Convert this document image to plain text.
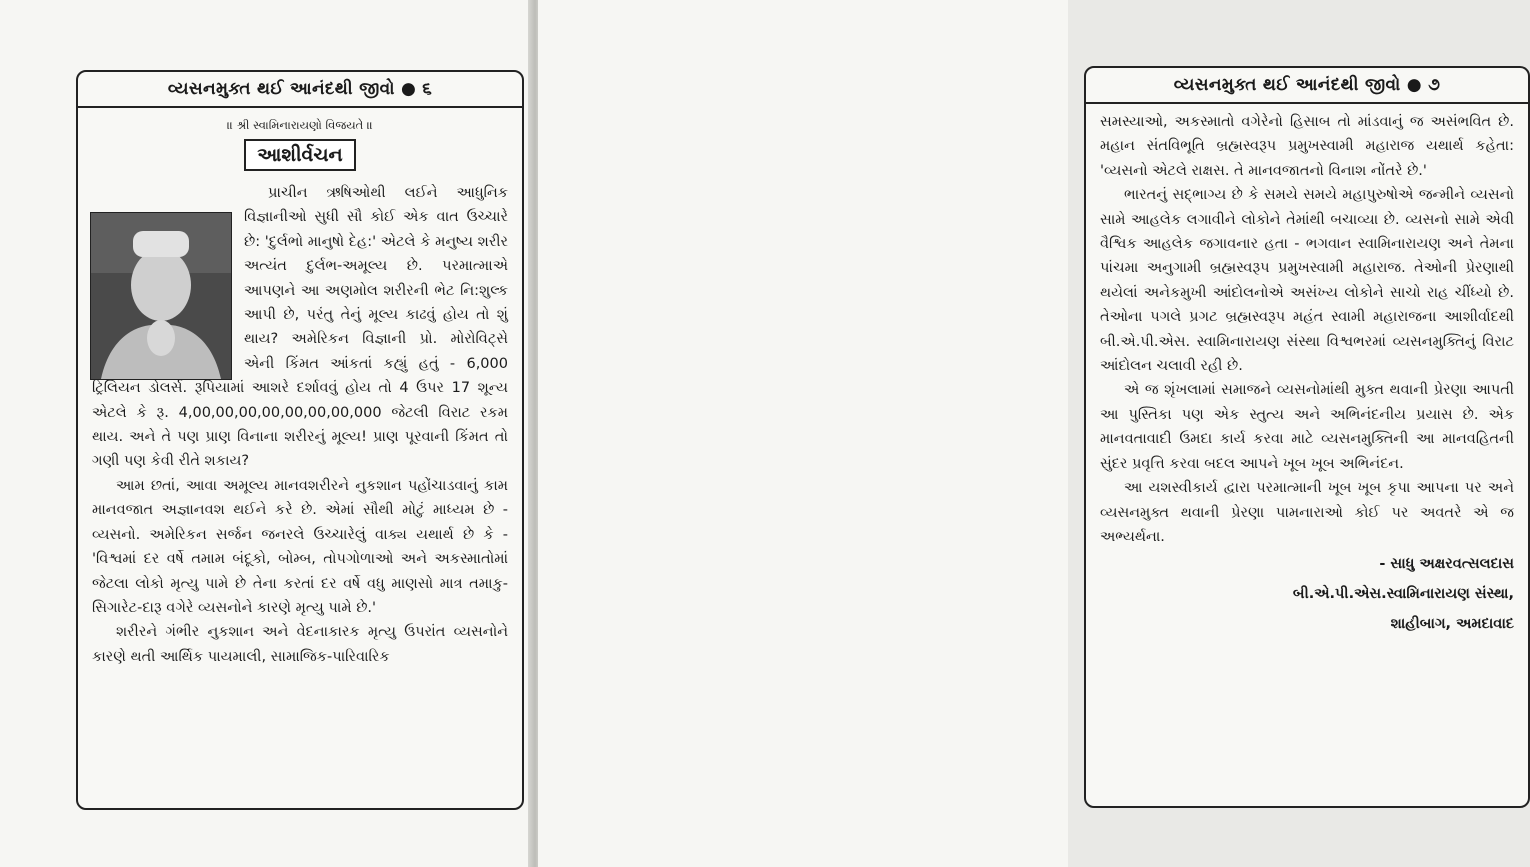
વ્યસનમુક્ત થઈ આનંદથી જીવો ● ૬
॥ શ્રી સ્વામિનારાયણો વિજયતે ॥
આશીર્વચન

પ્રાચીન ઋષિઓથી લઈને આધુનિક વિજ્ઞાનીઓ સુધી સૌ કોઈ એક વાત ઉચ્ચારે છે: 'દુર્લભો માનુષો દેહ:' એટલે કે મનુષ્ય શરીર અત્યંત દુર્લભ-અમૂલ્ય છે. પરમાત્માએ આપણને આ અણમોલ શરીરની ભેટ નિ:શુલ્ક આપી છે, પરંતુ તેનું મૂલ્ય કાઢવું હોય તો શું થાય? અમેરિકન વિજ્ઞાની પ્રો. મોરોવિટ્સે એની કિંમત આંકતાં કહ્યું હતું - 6,000 ટ્રિલિયન ડોલર્સ. રૂપિયામાં આશરે દર્શાવવું હોય તો 4 ઉપર 17 શૂન્ય એટલે કે રૂ. 4,00,00,00,00,00,00,00,000 જેટલી વિરાટ રકમ થાય. અને તે પણ પ્રાણ વિનાના શરીરનું મૂલ્ય! પ્રાણ પૂરવાની કિંમત તો ગણી પણ કેવી રીતે શકાય?

આમ છતાં, આવા અમૂલ્ય માનવશરીરને નુકશાન પહોંચાડવાનું કામ માનવજાત અજ્ઞાનવશ થઈને કરે છે. એમાં સૌથી મોટું માધ્યમ છે - વ્યસનો. અમેરિકન સર્જન જનરલે ઉચ્ચારેલું વાક્ય યથાર્થ છે કે - 'વિશ્વમાં દર વર્ષે તમામ બંદૂકો, બોમ્બ, તોપગોળાઓ અને અકસ્માતોમાં જેટલા લોકો મૃત્યુ પામે છે તેના કરતાં દર વર્ષે વધુ માણસો માત્ર તમાકુ-સિગારેટ-દારૂ વગેરે વ્યસનોને કારણે મૃત્યુ પામે છે.'

શરીરને ગંભીર નુકશાન અને વેદનાકારક મૃત્યુ ઉપરાંત વ્યસનોને કારણે થતી આર્થિક પાયમાલી, સામાજિક-પારિવારિક

વ્યસનમુક્ત થઈ આનંદથી જીવો ● ૭

સમસ્યાઓ, અકસ્માતો વગેરેનો હિસાબ તો માંડવાનું જ અસંભવિત છે. મહાન સંતવિભૂતિ બ્રહ્મસ્વરૂપ પ્રમુખસ્વામી મહારાજ યથાર્થ કહેતા: 'વ્યસનો એટલે રાક્ષસ. તે માનવજાતનો વિનાશ નોંતરે છે.'

ભારતનું સદ્ભાગ્ય છે કે સમયે સમયે મહાપુરુષોએ જન્મીને વ્યસનો સામે આહલેક લગાવીને લોકોને તેમાંથી બચાવ્યા છે. વ્યસનો સામે એવી વૈશ્વિક આહલેક જગાવનાર હતા - ભગવાન સ્વામિનારાયણ અને તેમના પાંચમા અનુગામી બ્રહ્મસ્વરૂપ પ્રમુખસ્વામી મહારાજ. તેઓની પ્રેરણાથી થયેલાં અનેકમુખી આંદોલનોએ અસંખ્ય લોકોને સાચો રાહ ચીંધ્યો છે. તેઓના પગલે પ્રગટ બ્રહ્મસ્વરૂપ મહંત સ્વામી મહારાજના આશીર્વાદથી બી.એ.પી.એસ. સ્વામિનારાયણ સંસ્થા વિશ્વભરમાં વ્યસનમુક્તિનું વિરાટ આંદોલન ચલાવી રહી છે.

એ જ શૃંખલામાં સમાજને વ્યસનોમાંથી મુક્ત થવાની પ્રેરણા આપતી આ પુસ્તિકા પણ એક સ્તુત્ય અને અભિનંદનીય પ્રયાસ છે. એક માનવતાવાદી ઉમદા કાર્ય કરવા માટે વ્યસનમુક્તિની આ માનવહિતની સુંદર પ્રવૃત્તિ કરવા બદલ આપને ખૂબ ખૂબ અભિનંદન.

આ યશસ્વીકાર્ય દ્વારા પરમાત્માની ખૂબ ખૂબ કૃપા આપના પર અને વ્યસનમુક્ત થવાની પ્રેરણા પામનારાઓ કોઈ પર અવતરે એ જ અભ્યર્થના.

- સાધુ અક્ષરવત્સલદાસ
બી.એ.પી.એસ.સ્વામિનારાયણ સંસ્થા,
શાહીબાગ, અમદાવાદ
